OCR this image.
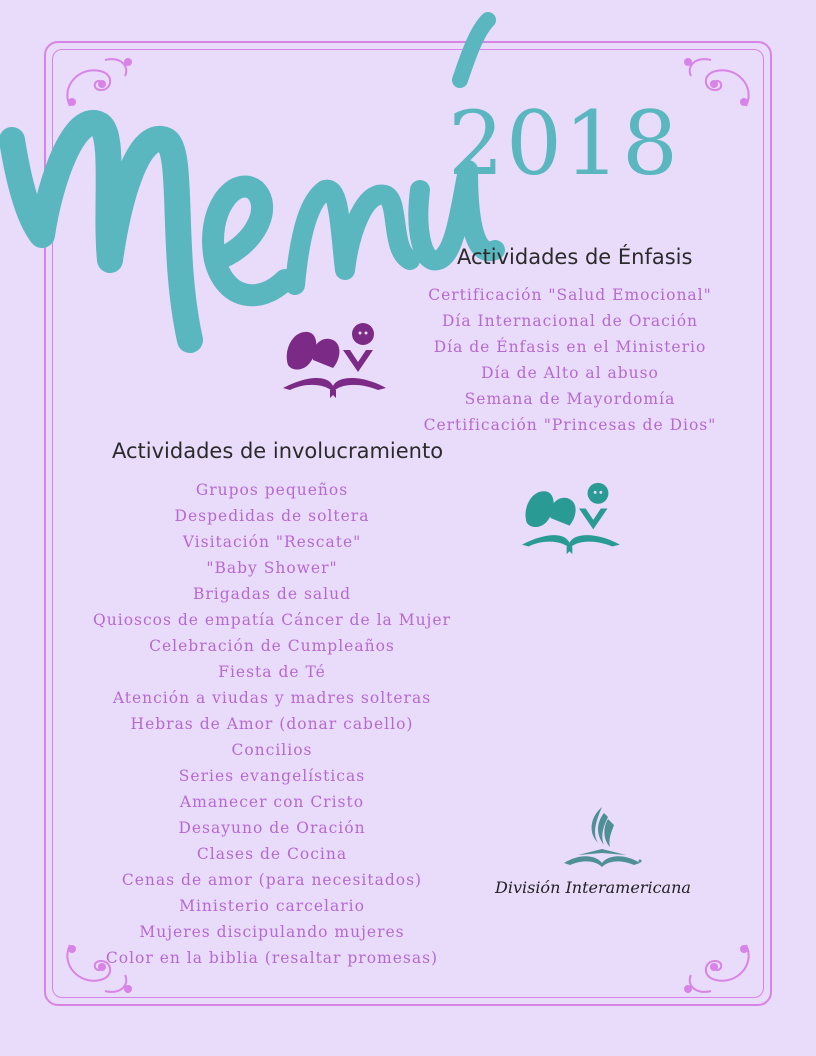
2018
Actividades de Énfasis
Certificación "Salud Emocional"
Día Internacional de Oración
Día de Énfasis en el Ministerio
Día de Alto al abuso
Semana de Mayordomía
Certificación "Princesas de Dios"
Actividades de involucramiento
Grupos pequeños
Despedidas de soltera
Visitación "Rescate"
"Baby Shower"
Brigadas de salud
Quioscos de empatía Cáncer de la Mujer
Celebración de Cumpleaños
Fiesta de Té
Atención a viudas y madres solteras
Hebras de Amor (donar cabello)
Concilios
Series evangelísticas
Amanecer con Cristo
Desayuno de Oración
Clases de Cocina
Cenas de amor (para necesitados)
Ministerio carcelario
Mujeres discipulando mujeres
Color en la biblia (resaltar promesas)
División Interamericana
